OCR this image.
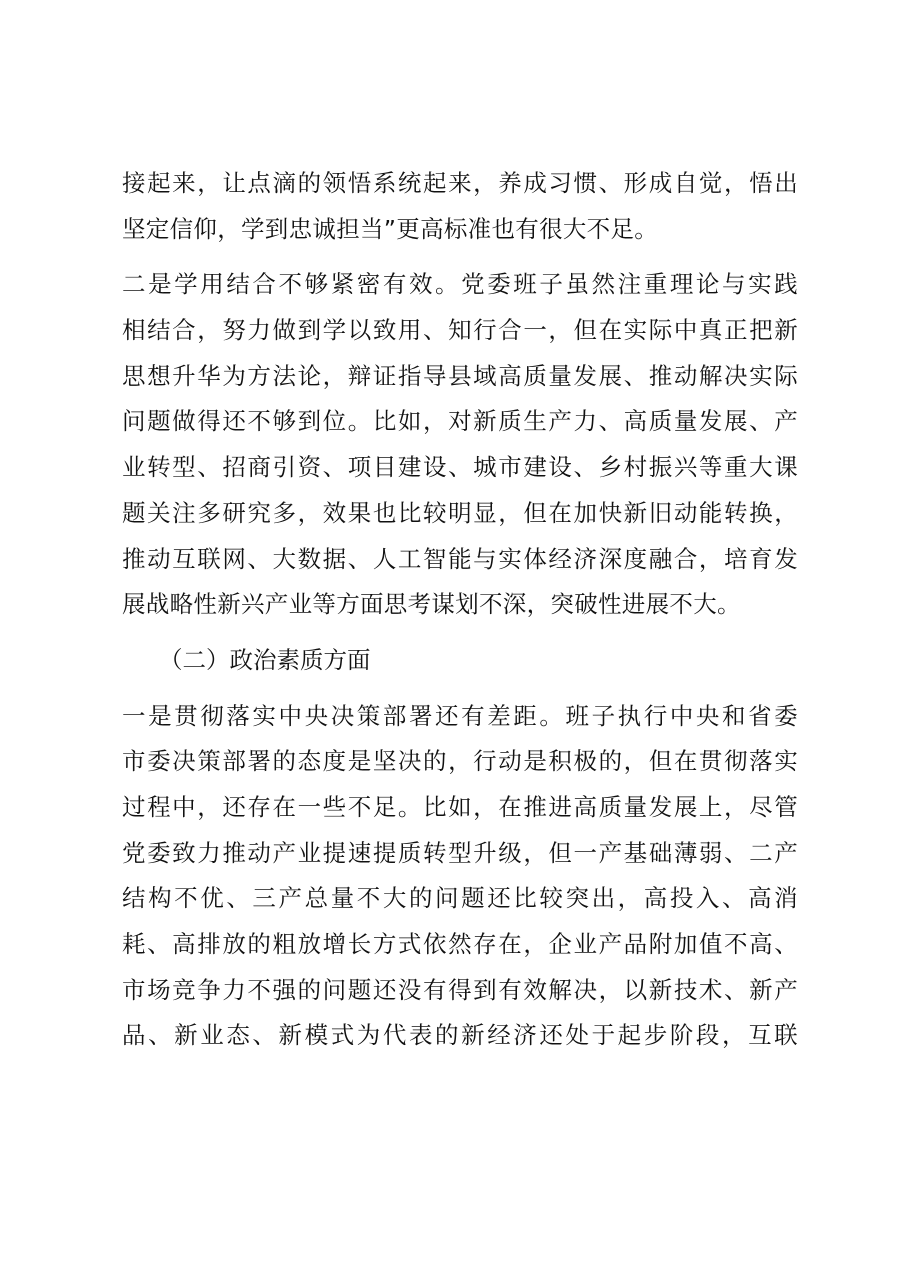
接起来，让点滴的领悟系统起来，养成习惯、形成自觉，悟出
坚定信仰，学到忠诚担当”更高标准也有很大不足。
二是学用结合不够紧密有效。党委班子虽然注重理论与实践
相结合，努力做到学以致用、知行合一，但在实际中真正把新
思想升华为方法论，辩证指导县域高质量发展、推动解决实际
问题做得还不够到位。比如，对新质生产力、高质量发展、产
业转型、招商引资、项目建设、城市建设、乡村振兴等重大课
题关注多研究多，效果也比较明显，但在加快新旧动能转换，
推动互联网、大数据、人工智能与实体经济深度融合，培育发
展战略性新兴产业等方面思考谋划不深，突破性进展不大。
（二）政治素质方面
一是贯彻落实中央决策部署还有差距。班子执行中央和省委
市委决策部署的态度是坚决的，行动是积极的，但在贯彻落实
过程中，还存在一些不足。比如，在推进高质量发展上，尽管
党委致力推动产业提速提质转型升级，但一产基础薄弱、二产
结构不优、三产总量不大的问题还比较突出，高投入、高消
耗、高排放的粗放增长方式依然存在，企业产品附加值不高、
市场竞争力不强的问题还没有得到有效解决，以新技术、新产
品、新业态、新模式为代表的新经济还处于起步阶段，互联
